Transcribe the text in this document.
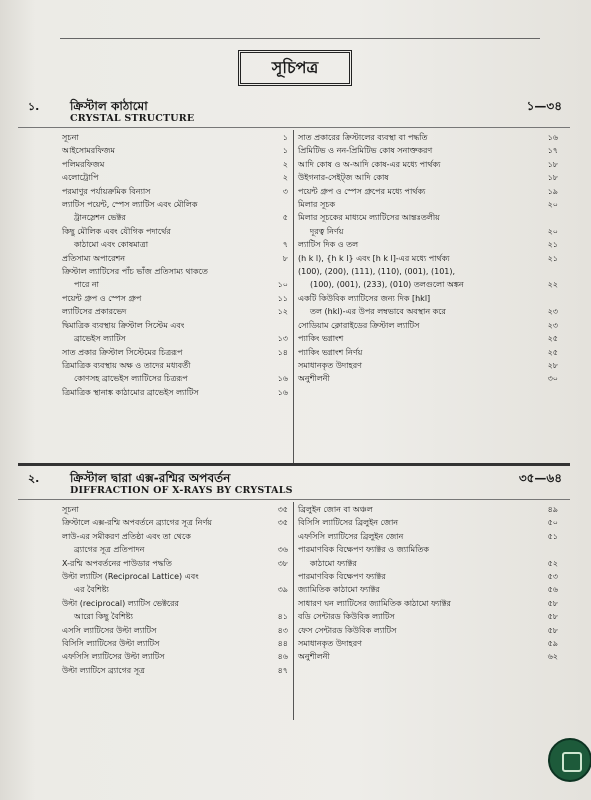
সূচিপত্র
১.	ক্রিস্টাল কাঠামো	১—৩৪
CRYSTAL STRUCTURE
সূচনা	১
আইসোমরফিজম	১
পলিমরফিজম	২
এলোট্রোপি	২
পরমাণুর পর্যায়ক্রমিক বিন্যাস	৩
ল্যাটিস পয়েন্ট, স্পেস ল্যাটিস এবং মৌলিক
ট্রানস্লেশন ভেক্টর	৫
কিছু মৌলিক এবং যৌগিক পদার্থের
কাঠামো এবং কোষমাত্রা	৭
প্রতিসাম্য অপারেশন	৮
ক্রিস্টাল ল্যাটিসের পাঁচ ভাঁজ প্রতিসাম্য থাকতে
পারে না	১০
পয়েন্ট গ্রুপ ও স্পেস গ্রুপ	১১
ল্যাটিসের প্রকারভেদ	১২
দ্বিমাত্রিক ব্যবস্থায় ক্রিস্টাল সিস্টেম এবং
ব্রাভেইস ল্যাটিস	১৩
সাত প্রকার ক্রিস্টাল সিস্টেমের চিত্ররূপ	১৪
ত্রিমাত্রিক ব্যবস্থায় অক্ষ ও তাদের মধ্যবর্তী
কোণসহ ব্রাভেইস ল্যাটিসের চিত্ররূপ	১৬
ত্রিমাত্রিক স্থানাঙ্ক কাঠামোর ব্রাভেইস ল্যাটিস	১৬
সাত প্রকারের ক্রিস্টালের ব্যবস্থা বা পদ্ধতি	১৬
প্রিমিটিভ ও নন-প্রিমিটিভ কোষ সনাক্তকরণ	১৭
আদি কোষ ও অ-আদি কোষ-এর মধ্যে পার্থক্য	১৮
উইগনার-সেইট্জ আদি কোষ	১৮
পয়েন্ট গ্রুপ ও স্পেস গ্রুপের মধ্যে পার্থক্য	১৯
মিলার সূচক	২০
মিলার সূচকের মাধ্যমে ল্যাটিসের আন্তঃতলীয়
দূরত্ব নির্ণয়	২০
ল্যাটিস দিক ও তল	২১
(h k l), {h k l} এবং [h k l]-এর মধ্যে পার্থক্য	২১
(100), (200), (111), (110), (001), (101),
(100), (001), (233), (010) তলগুলো অঙ্কন	২২
একটি কিউবিক ল্যাটিসের জন্য দিক [hkl]
তল (hkl)-এর উপর লম্বভাবে অবস্থান করে	২৩
সোডিয়াম ক্লোরাইডের ক্রিস্টাল ল্যাটিস	২৩
প্যাকিং ভগ্নাংশ	২৫
প্যাকিং ভগ্নাংশ নির্ণয়	২৫
সমাধানকৃত উদাহরণ	২৮
অনুশীলনী	৩০
২.	ক্রিস্টাল দ্বারা এক্স-রশ্মির অপবর্তন	৩৫—৬৪
DIFFRACTION OF X-RAYS BY CRYSTALS
সূচনা	৩৫
ক্রিস্টালে এক্স-রশ্মি অপবর্তনে ব্র্যাগের সূত্র নির্ণয়	৩৫
লাউ-এর সমীকরণ প্রতিষ্ঠা এবং তা থেকে
ব্র্যাগের সূত্র প্রতিপাদন	৩৬
X-রশ্মি অপবর্তনের পাউডার পদ্ধতি	৩৮
উল্টা ল্যাটিস (Reciprocal Lattice) এবং
এর বৈশিষ্ট্য	৩৯
উল্টা (reciprocal) ল্যাটিস ভেক্টরের
আরো কিছু বৈশিষ্ট্য	৪১
এসসি ল্যাটিসের উল্টা ল্যাটিস	৪৩
বিসিসি ল্যাটিসের উল্টা ল্যাটিস	৪৪
এফসিসি ল্যাটিসের উল্টা ল্যাটিস	৪৬
উল্টা ল্যাটিসে ব্র্যাগের সূত্র	৪৭
ব্রিলুইন জোন বা অঞ্চল	৪৯
বিসিসি ল্যাটিসের ব্রিলুইন জোন	৫০
এফসিসি ল্যাটিসের ব্রিলুইন জোন	৫১
পারমাণবিক বিক্ষেপণ ফ্যাক্টর ও জ্যামিতিক
কাঠামো ফ্যাক্টর	৫২
পারমাণবিক বিক্ষেপণ ফ্যাক্টর	৫৩
জ্যামিতিক কাঠামো ফ্যাক্টর	৫৬
সাধারণ ঘন ল্যাটিসের জ্যামিতিক কাঠামো ফ্যাক্টর	৫৮
বডি সেন্টারড কিউবিক ল্যাটিস	৫৮
ফেস সেন্টারড কিউবিক ল্যাটিস	৫৮
সমাধানকৃত উদাহরণ	৫৯
অনুশীলনী	৬২
